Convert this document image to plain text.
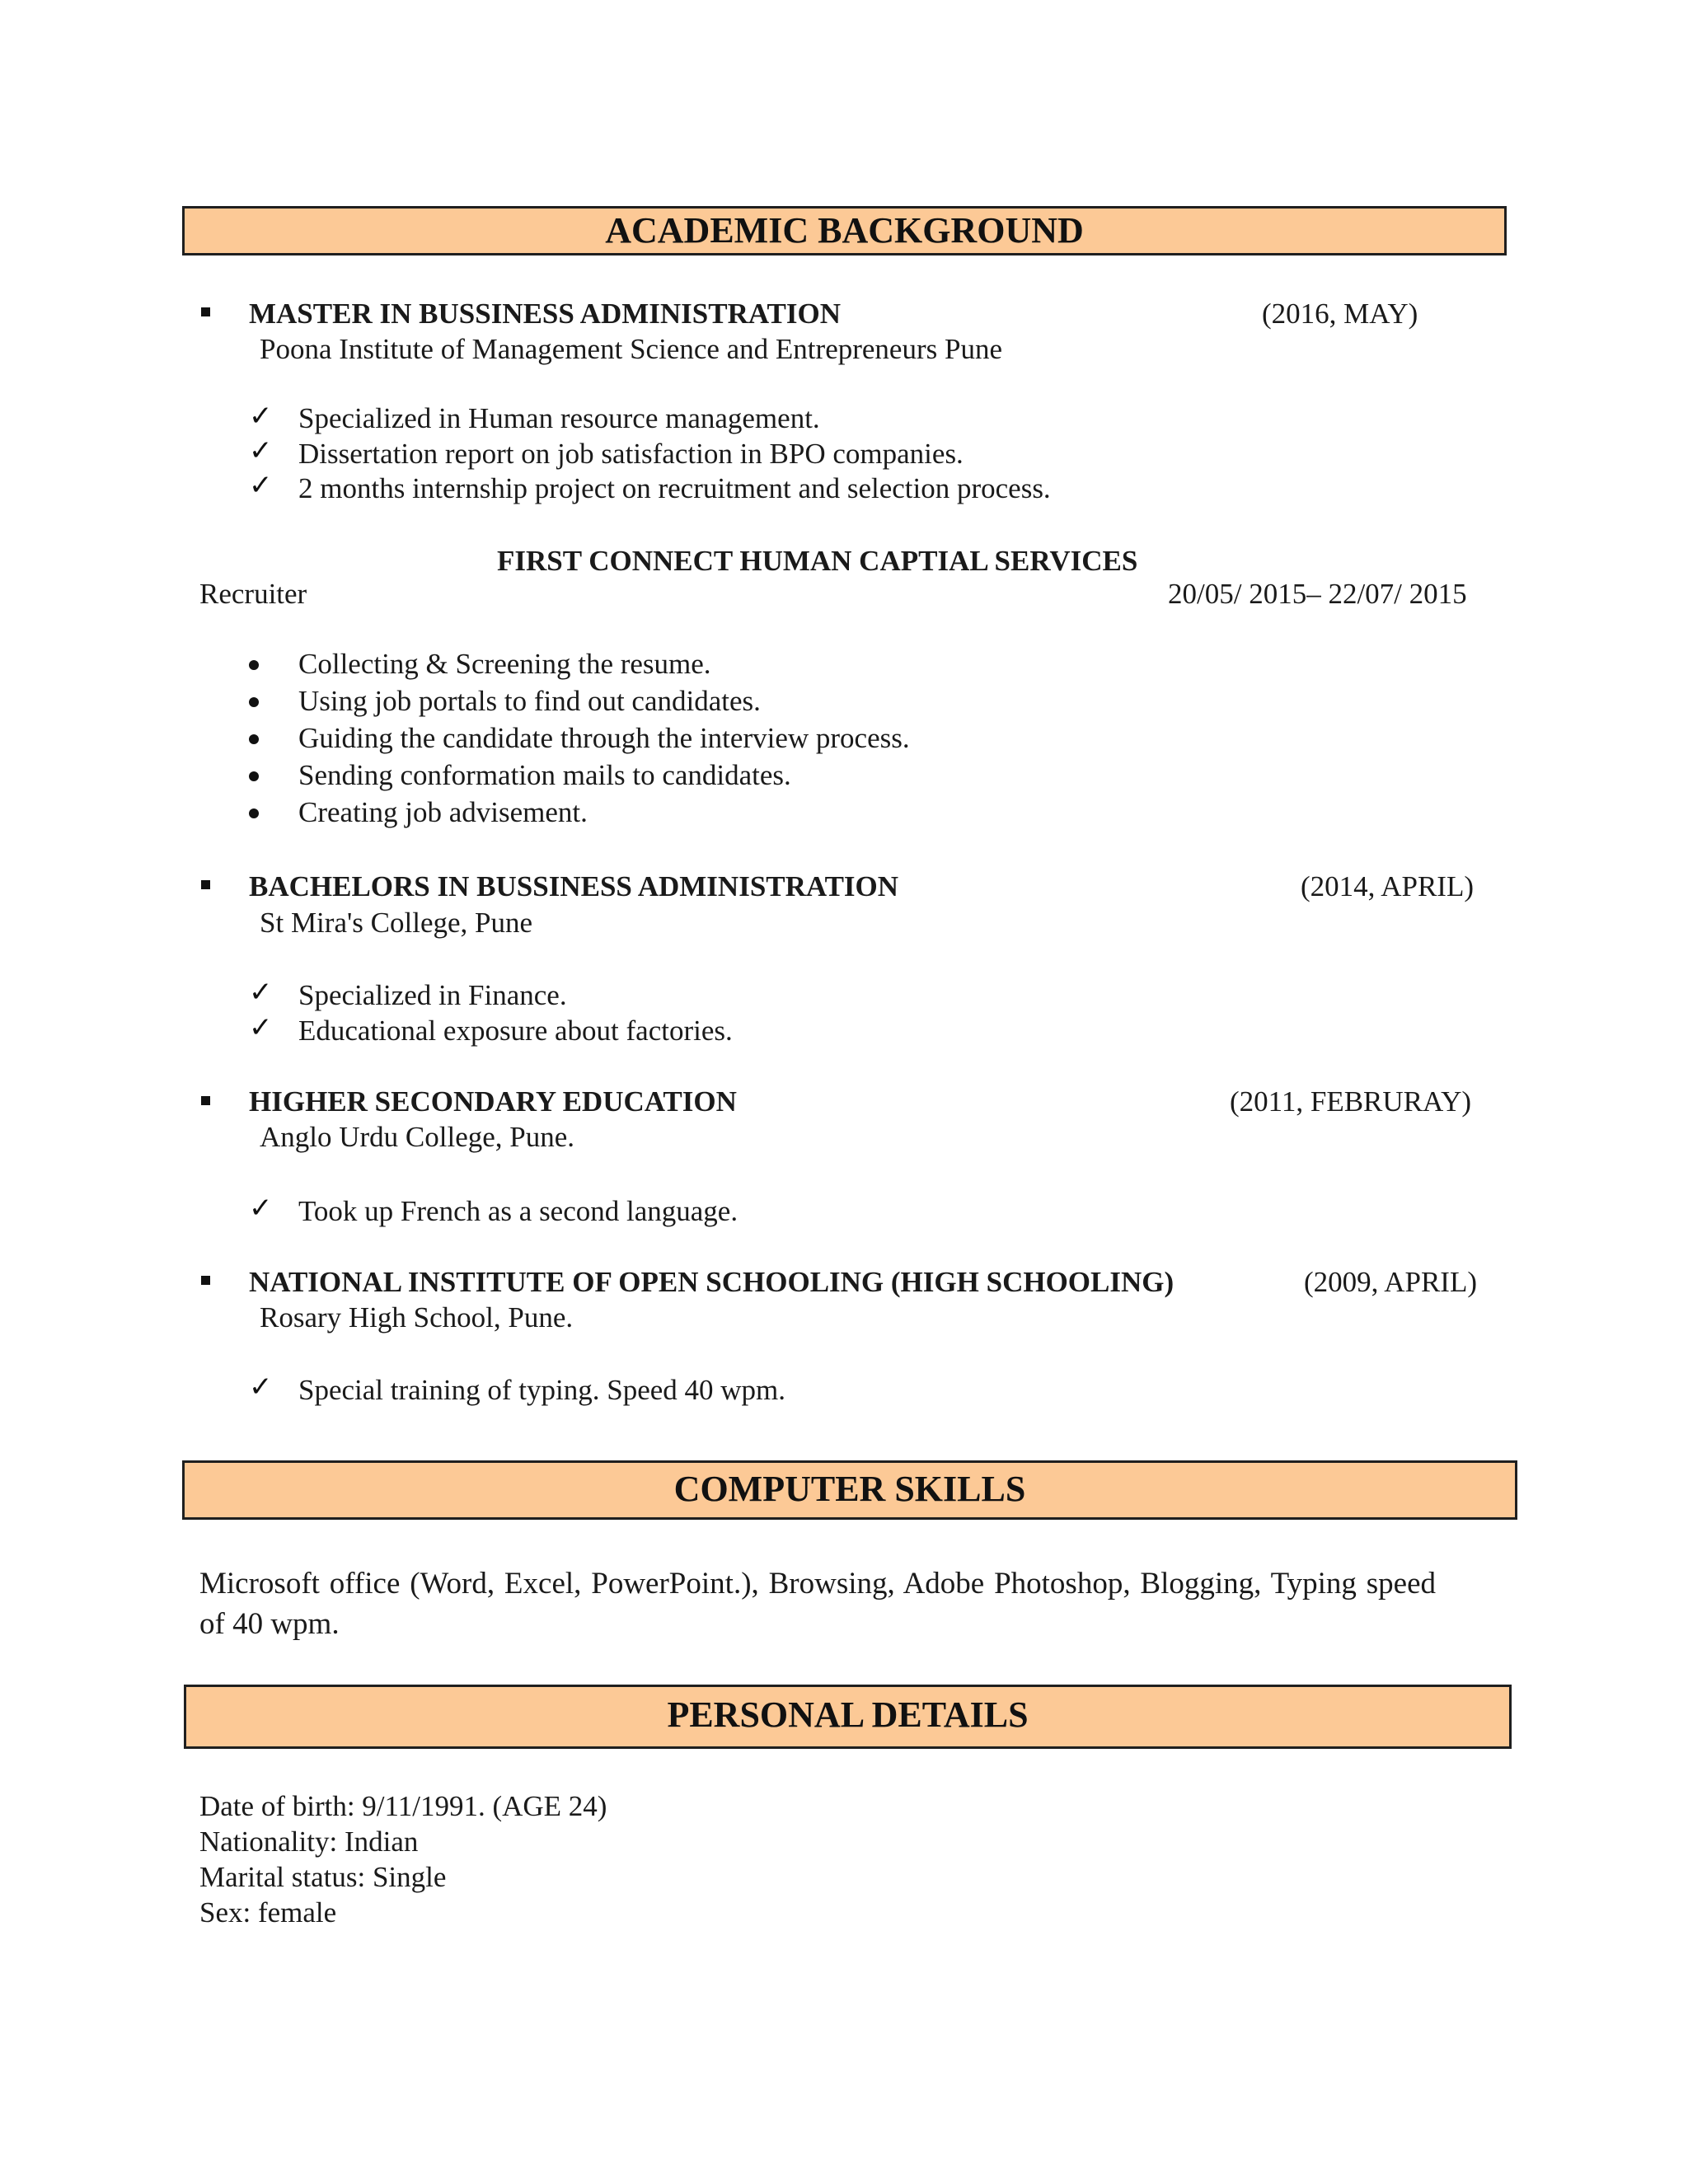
ACADEMIC BACKGROUND
MASTER IN BUSSINESS ADMINISTRATION	(2016, MAY)
Poona Institute of Management Science and Entrepreneurs Pune
✓ Specialized in Human resource management.
✓ Dissertation report on job satisfaction in BPO companies.
✓ 2 months internship project on recruitment and selection process.
FIRST CONNECT HUMAN CAPTIAL SERVICES
Recruiter	20/05/ 2015– 22/07/ 2015
Collecting & Screening the resume.
Using job portals to find out candidates.
Guiding the candidate through the interview process.
Sending conformation mails to candidates.
Creating job advisement.
BACHELORS IN BUSSINESS ADMINISTRATION	(2014, APRIL)
St Mira's College, Pune
✓ Specialized in Finance.
✓ Educational exposure about factories.
HIGHER SECONDARY EDUCATION	(2011, FEBRURAY)
Anglo Urdu College, Pune.
✓ Took up French as a second language.
NATIONAL INSTITUTE OF OPEN SCHOOLING (HIGH SCHOOLING)	(2009, APRIL)
Rosary High School, Pune.
✓ Special training of typing. Speed 40 wpm.
COMPUTER SKILLS
Microsoft office (Word, Excel, PowerPoint.), Browsing, Adobe Photoshop, Blogging, Typing speed of 40 wpm.
PERSONAL DETAILS
Date of birth: 9/11/1991. (AGE 24)
Nationality: Indian
Marital status: Single
Sex: female
